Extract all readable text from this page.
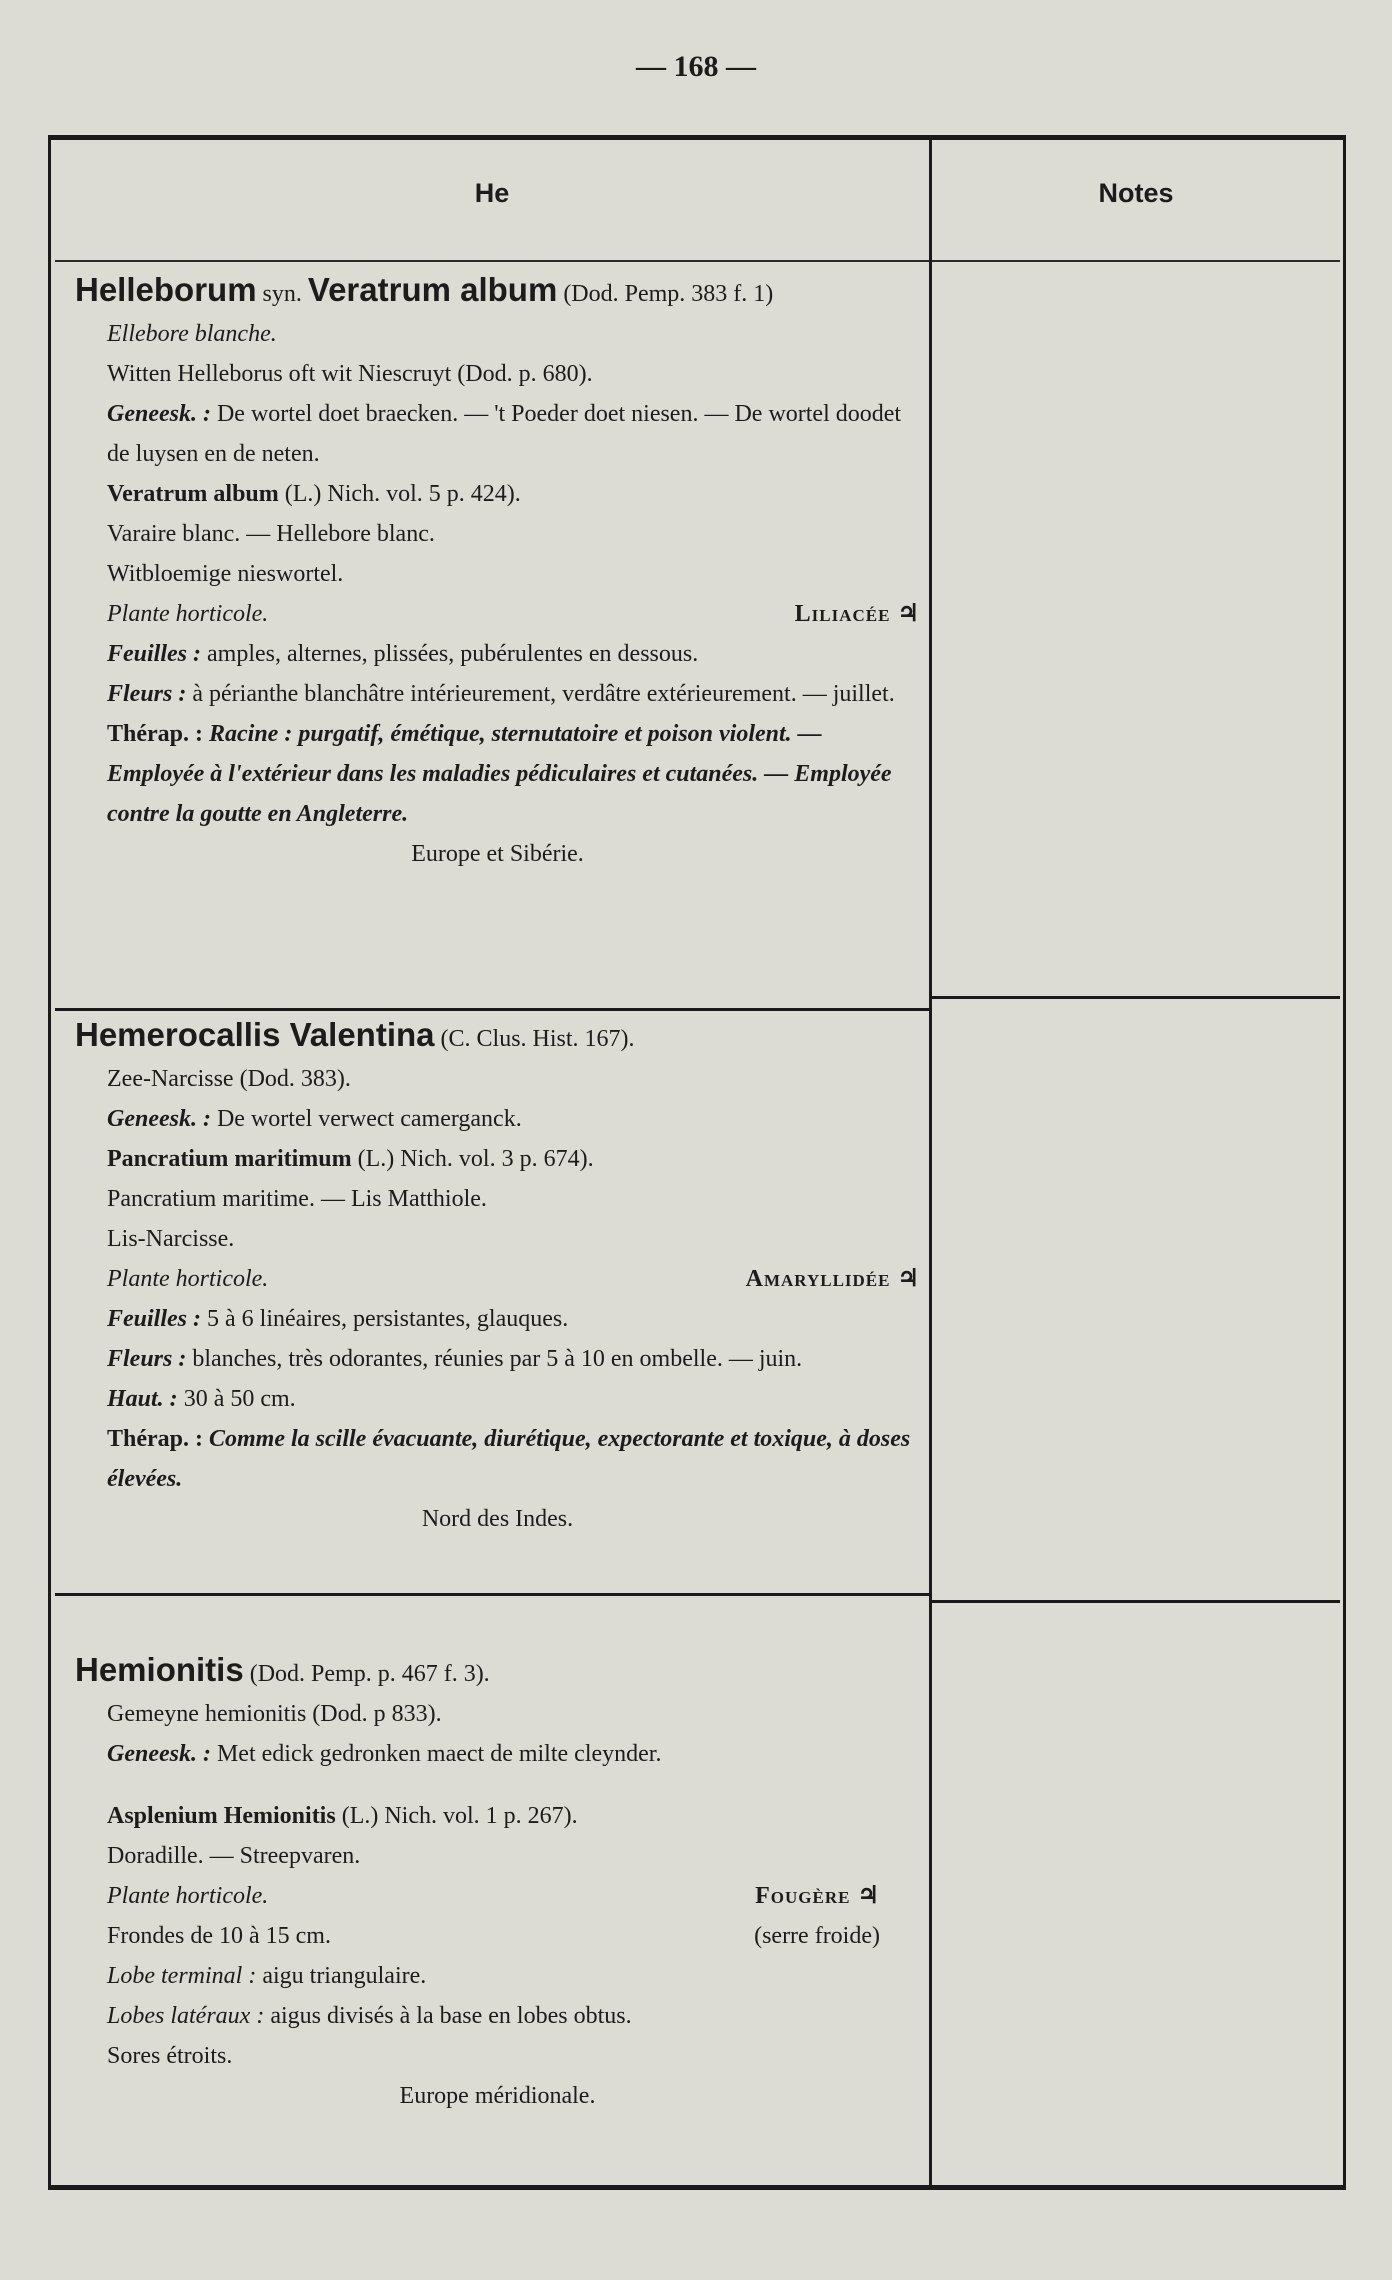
— 168 —
He	Notes
Helleborum syn. Veratrum album (Dod. Pemp. 383 f. 1)
Ellebore blanche.
Witten Helleborus oft wit Niescruyt (Dod. p. 680).
Geneesk. : De wortel doet braecken. — 't Poeder doet niesen. — De wortel doodet de luysen en de neten.
Veratrum album (L.) Nich. vol. 5 p. 424).
Varaire blanc. — Hellebore blanc.
Witbloemige nieswortel.
Plante horticole.	Liliacée ♃
Feuilles : amples, alternes, plissées, pubérulentes en dessous.
Fleurs : à périanthe blanchâtre intérieurement, verdâtre extérieurement. — juillet.
Thérap. : Racine : purgatif, émétique, sternutatoire et poison violent. — Employée à l'extérieur dans les maladies pédiculaires et cutanées. — Employée contre la goutte en Angleterre.
Europe et Sibérie.
Hemerocallis Valentina (C. Clus. Hist. 167).
Zee-Narcisse (Dod. 383).
Geneesk. : De wortel verwect camerganck.
Pancratium maritimum (L.) Nich. vol. 3 p. 674).
Pancratium maritime. — Lis Matthiole.
Lis-Narcisse.
Plante horticole.	Amaryllidée ♃
Feuilles : 5 à 6 linéaires, persistantes, glauques.
Fleurs : blanches, très odorantes, réunies par 5 à 10 en ombelle. — juin.
Haut. : 30 à 50 cm.
Thérap. : Comme la scille évacuante, diurétique, expectorante et toxique, à doses élevées.
Nord des Indes.
Hemionitis (Dod. Pemp. p. 467 f. 3).
Gemeyne hemionitis (Dod. p 833).
Geneesk. : Met edick gedronken maect de milte cleynder.
Asplenium Hemionitis (L.) Nich. vol. 1 p. 267).
Doradille. — Streepvaren.
Plante horticole.	Fougère ♃
Frondes de 10 à 15 cm.	(serre froide)
Lobe terminal : aigu triangulaire.
Lobes latéraux : aigus divisés à la base en lobes obtus.
Sores étroits.
Europe méridionale.
